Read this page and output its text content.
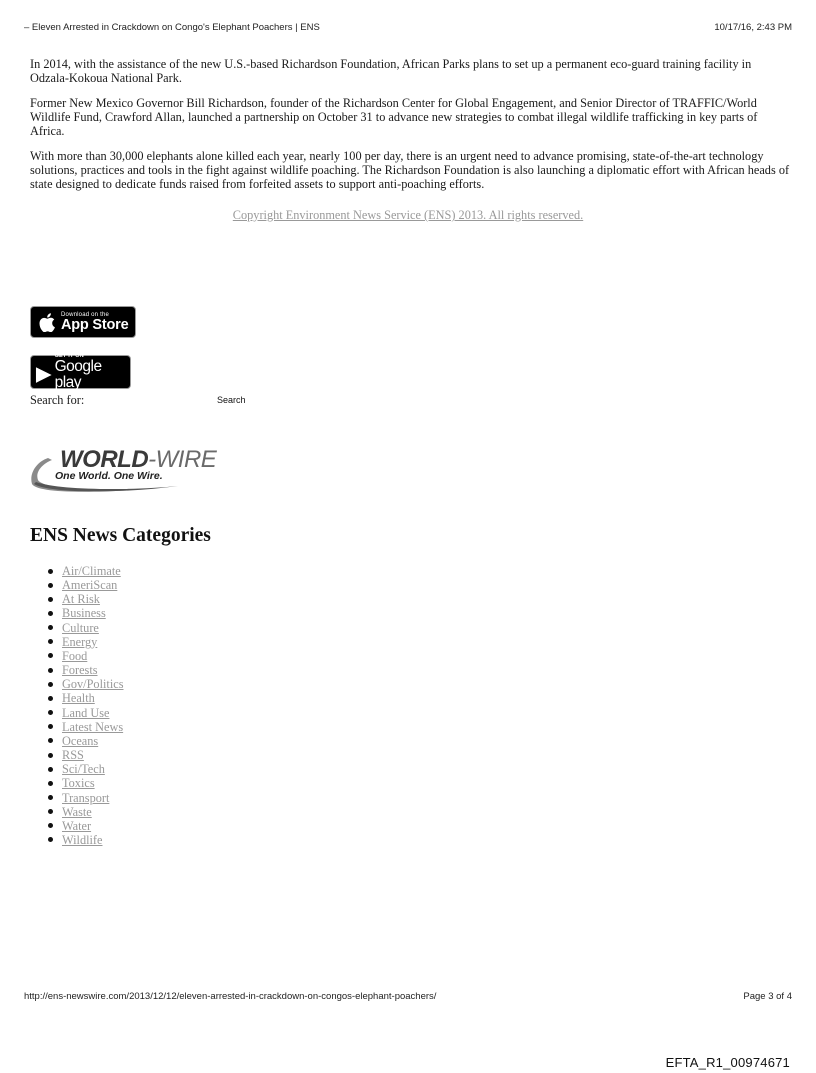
– Eleven Arrested in Crackdown on Congo's Elephant Poachers | ENS	10/17/16, 2:43 PM

In 2014, with the assistance of the new U.S.-based Richardson Foundation, African Parks plans to set up a permanent eco-guard training facility in Odzala-Kokoua National Park.

Former New Mexico Governor Bill Richardson, founder of the Richardson Center for Global Engagement, and Senior Director of TRAFFIC/World Wildlife Fund, Crawford Allan, launched a partnership on October 31 to advance new strategies to combat illegal wildlife trafficking in key parts of Africa.

With more than 30,000 elephants alone killed each year, nearly 100 per day, there is an urgent need to advance promising, state-of-the-art technology solutions, practices and tools in the fight against wildlife poaching. The Richardson Foundation is also launching a diplomatic effort with African heads of state designed to dedicate funds raised from forfeited assets to support anti-poaching efforts.

Copyright Environment News Service (ENS) 2013. All rights reserved.
Download on the
App Store
GET IT ON
Google play
Search for:	Search
WORLD-WIRE
One World. One Wire.
ENS News Categories
Air/Climate
AmeriScan
At Risk
Business
Culture
Energy
Food
Forests
Gov/Politics
Health
Land Use
Latest News
Oceans
RSS
Sci/Tech
Toxics
Transport
Waste
Water
Wildlife
http://ens-newswire.com/2013/12/12/eleven-arrested-in-crackdown-on-congos-elephant-poachers/	Page 3 of 4
EFTA_R1_00974671
